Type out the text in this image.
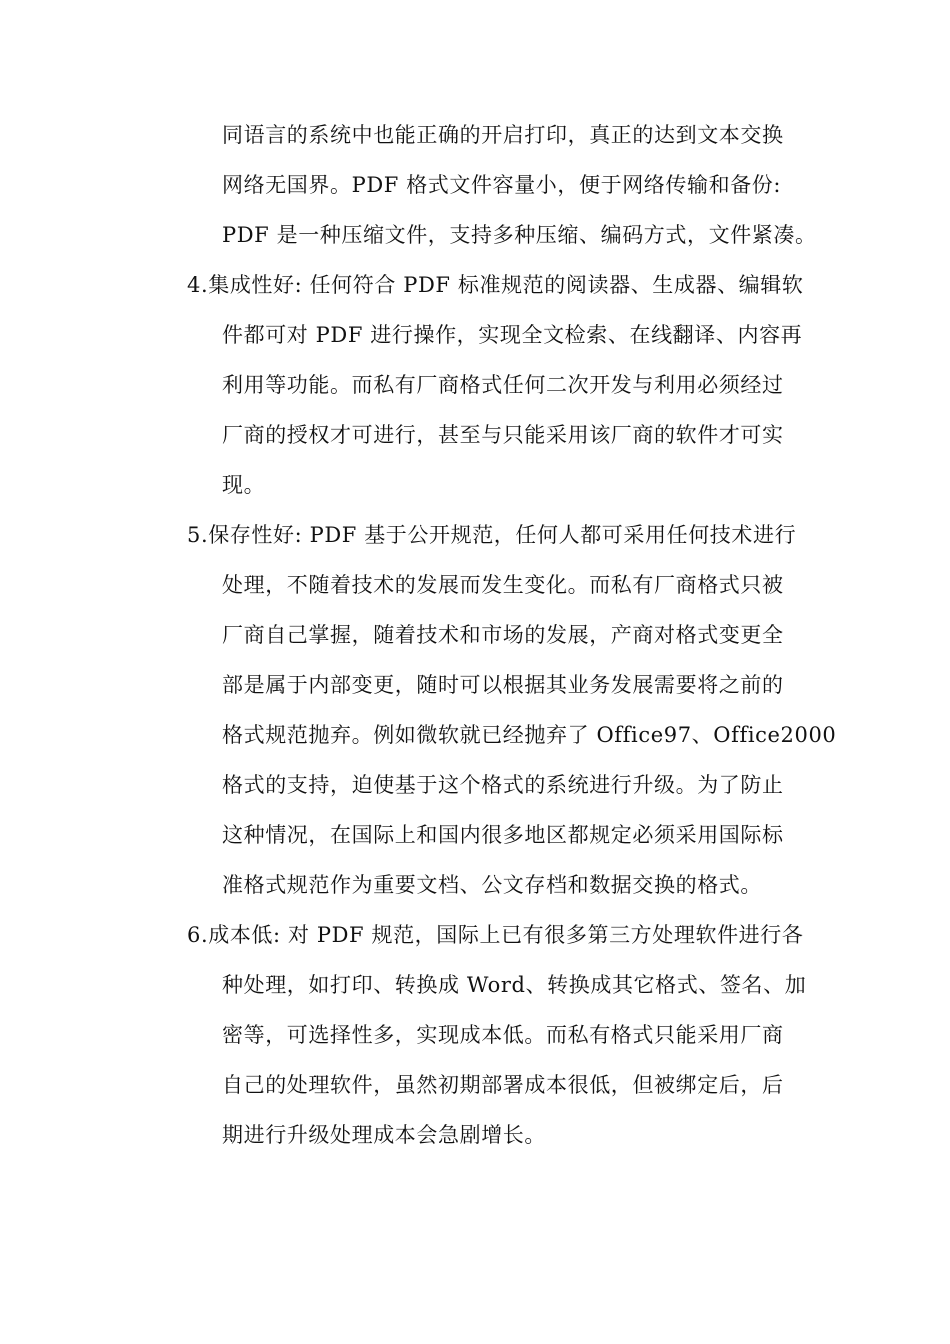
同语言的系统中也能正确的开启打印，真正的达到文本交换
网络无国界。PDF 格式文件容量小，便于网络传输和备份:
PDF 是一种压缩文件，支持多种压缩、编码方式，文件紧凑。
4.集成性好: 任何符合 PDF 标准规范的阅读器、生成器、编辑软
件都可对 PDF 进行操作，实现全文检索、在线翻译、内容再
利用等功能。而私有厂商格式任何二次开发与利用必须经过
厂商的授权才可进行，甚至与只能采用该厂商的软件才可实
现。
5.保存性好: PDF 基于公开规范，任何人都可采用任何技术进行
处理，不随着技术的发展而发生变化。而私有厂商格式只被
厂商自己掌握，随着技术和市场的发展，产商对格式变更全
部是属于内部变更，随时可以根据其业务发展需要将之前的
格式规范抛弃。例如微软就已经抛弃了 Office97、Office2000
格式的支持，迫使基于这个格式的系统进行升级。为了防止
这种情况，在国际上和国内很多地区都规定必须采用国际标
准格式规范作为重要文档、公文存档和数据交换的格式。
6.成本低: 对 PDF 规范，国际上已有很多第三方处理软件进行各
种处理，如打印、转换成 Word、转换成其它格式、签名、加
密等，可选择性多，实现成本低。而私有格式只能采用厂商
自己的处理软件，虽然初期部署成本很低，但被绑定后，后
期进行升级处理成本会急剧增长。
